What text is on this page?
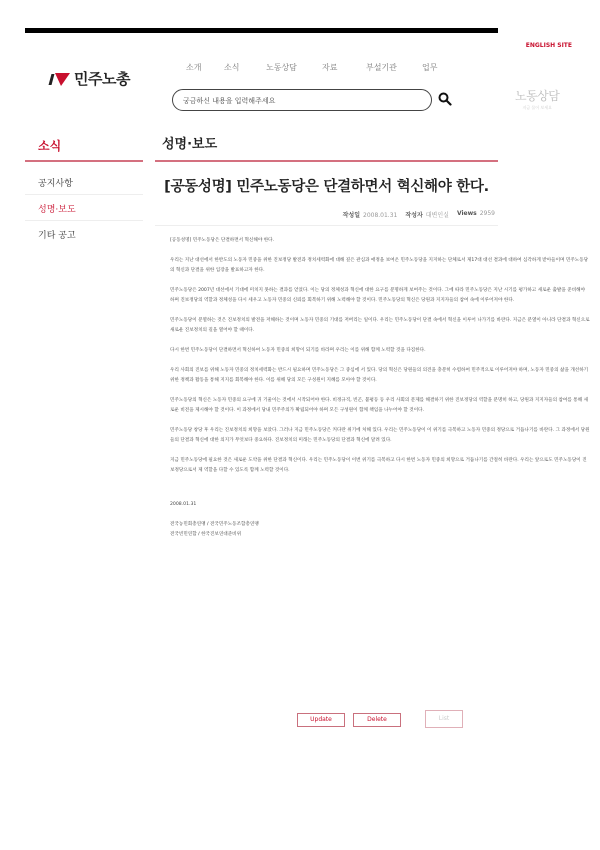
ENGLISH SITE
민주노총
소개	소식	노동상담	자료	부설기관	업무
궁금하신 내용을 입력해주세요	노동상담
지금 물어 보세요
소식
공지사항
성명·보도
기타 공고
성명·보도
[공동성명] 민주노동당은 단결하면서 혁신해야 한다.
작성일 2008.01.31 작성자 대변인실 Views 2959

[공동성명] 민주노동당은 단결하면서 혁신해야 한다.

우리는 지난 대선에서 한반도의 노동자 민중을 위한 진보정당 발전과 정치세력화에 대해 깊은 관심과 애정을 보여온 민주노동당을 지지하는 단체로서 제17대 대선 결과에 대하여 심각하게 받아들이며 민주노동당의 혁신과 단결을 위한 입장을 발표하고자 한다.

민주노동당은 2007년 대선에서 기대에 미치지 못하는 결과를 얻었다. 이는 당의 정체성과 혁신에 대한 요구를 분명하게 보여주는 것이다. 그에 따라 민주노동당은 지난 시기를 평가하고 새로운 출발을 준비해야 하며 진보정당의 역할과 정체성을 다시 세우고 노동자 민중의 신뢰를 회복하기 위해 노력해야 할 것이다. 민주노동당의 혁신은 당원과 지지자들의 참여 속에 이루어져야 한다.

민주노동당이 분열하는 것은 진보정치의 발전을 저해하는 것이며 노동자 민중의 기대를 저버리는 일이다. 우리는 민주노동당이 단결 속에서 혁신을 이루어 나가기를 바란다. 지금은 분열이 아니라 단결과 혁신으로 새로운 진보정치의 길을 열어야 할 때이다.

다시 한번 민주노동당이 단결하면서 혁신하여 노동자 민중의 희망이 되기를 바라며 우리는 이를 위해 함께 노력할 것을 다짐한다.

우리 사회의 진보를 위해 노동자 민중의 정치세력화는 반드시 필요하며 민주노동당은 그 중심에 서 있다. 당의 혁신은 당원들의 의견을 충분히 수렴하여 민주적으로 이루어져야 하며, 노동자 민중의 삶을 개선하기 위한 정책과 활동을 통해 지지를 회복해야 한다. 이를 위해 당의 모든 구성원이 지혜를 모아야 할 것이다.

민주노동당의 혁신은 노동자 민중의 요구에 귀 기울이는 것에서 시작되어야 한다. 비정규직, 빈곤, 불평등 등 우리 사회의 문제를 해결하기 위한 진보정당의 역할을 분명히 하고, 당원과 지지자들의 참여를 통해 새로운 비전을 제시해야 할 것이다. 이 과정에서 당내 민주주의가 확립되어야 하며 모든 구성원이 함께 책임을 나누어야 할 것이다.

민주노동당 창당 후 우리는 진보정치의 희망을 보았다. 그러나 지금 민주노동당은 커다란 위기에 처해 있다. 우리는 민주노동당이 이 위기를 극복하고 노동자 민중의 정당으로 거듭나기를 바란다. 그 과정에서 당원들의 단결과 혁신에 대한 의지가 무엇보다 중요하다. 진보정치의 미래는 민주노동당의 단결과 혁신에 달려 있다.

지금 민주노동당에 필요한 것은 새로운 도약을 위한 단결과 혁신이다. 우리는 민주노동당이 이번 위기를 극복하고 다시 한번 노동자 민중의 희망으로 거듭나기를 간절히 바란다. 우리는 앞으로도 민주노동당이 진보정당으로서 제 역할을 다할 수 있도록 함께 노력할 것이다.

2008.01.31

전국농민회총연맹 / 전국민주노동조합총연맹

전국빈민연합 / 한국진보연대준비위

Update	Delete	List
